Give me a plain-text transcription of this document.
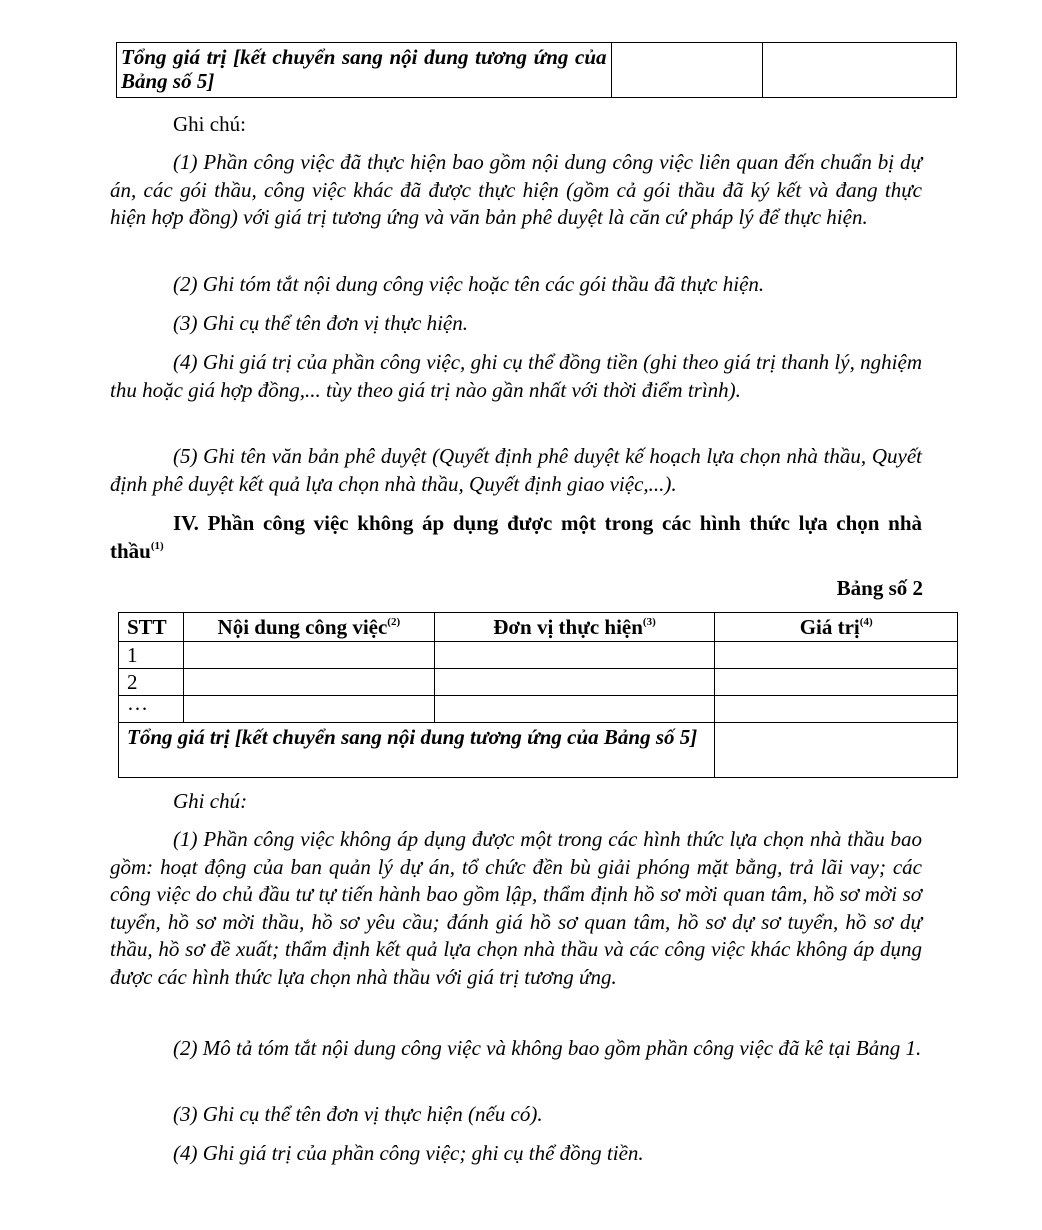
Tổng giá trị [kết chuyển sang nội dung tương ứng của Bảng số 5]		

Ghi chú:

(1) Phần công việc đã thực hiện bao gồm nội dung công việc liên quan đến chuẩn bị dự án, các gói thầu, công việc khác đã được thực hiện (gồm cả gói thầu đã ký kết và đang thực hiện hợp đồng) với giá trị tương ứng và văn bản phê duyệt là căn cứ pháp lý để thực hiện.

(2) Ghi tóm tắt nội dung công việc hoặc tên các gói thầu đã thực hiện.

(3) Ghi cụ thể tên đơn vị thực hiện.

(4) Ghi giá trị của phần công việc, ghi cụ thể đồng tiền (ghi theo giá trị thanh lý, nghiệm thu hoặc giá hợp đồng,... tùy theo giá trị nào gần nhất với thời điểm trình).

(5) Ghi tên văn bản phê duyệt (Quyết định phê duyệt kế hoạch lựa chọn nhà thầu, Quyết định phê duyệt kết quả lựa chọn nhà thầu, Quyết định giao việc,...).

IV. Phần công việc không áp dụng được một trong các hình thức lựa chọn nhà thầu$^{(1)}$

Bảng số 2
STT	Nội dung công việc$^{(2)}$	Đơn vị thực hiện$^{(3)}$	Giá trị$^{(4)}$
1			
2			
…			
Tổng giá trị [kết chuyển sang nội dung tương ứng của Bảng số 5]			

Ghi chú:

(1) Phần công việc không áp dụng được một trong các hình thức lựa chọn nhà thầu bao gồm: hoạt động của ban quản lý dự án, tổ chức đền bù giải phóng mặt bằng, trả lãi vay; các công việc do chủ đầu tư tự tiến hành bao gồm lập, thẩm định hồ sơ mời quan tâm, hồ sơ mời sơ tuyển, hồ sơ mời thầu, hồ sơ yêu cầu; đánh giá hồ sơ quan tâm, hồ sơ dự sơ tuyển, hồ sơ dự thầu, hồ sơ đề xuất; thẩm định kết quả lựa chọn nhà thầu và các công việc khác không áp dụng được các hình thức lựa chọn nhà thầu với giá trị tương ứng.

(2) Mô tả tóm tắt nội dung công việc và không bao gồm phần công việc đã kê tại Bảng 1.

(3) Ghi cụ thể tên đơn vị thực hiện (nếu có).

(4) Ghi giá trị của phần công việc; ghi cụ thể đồng tiền.
